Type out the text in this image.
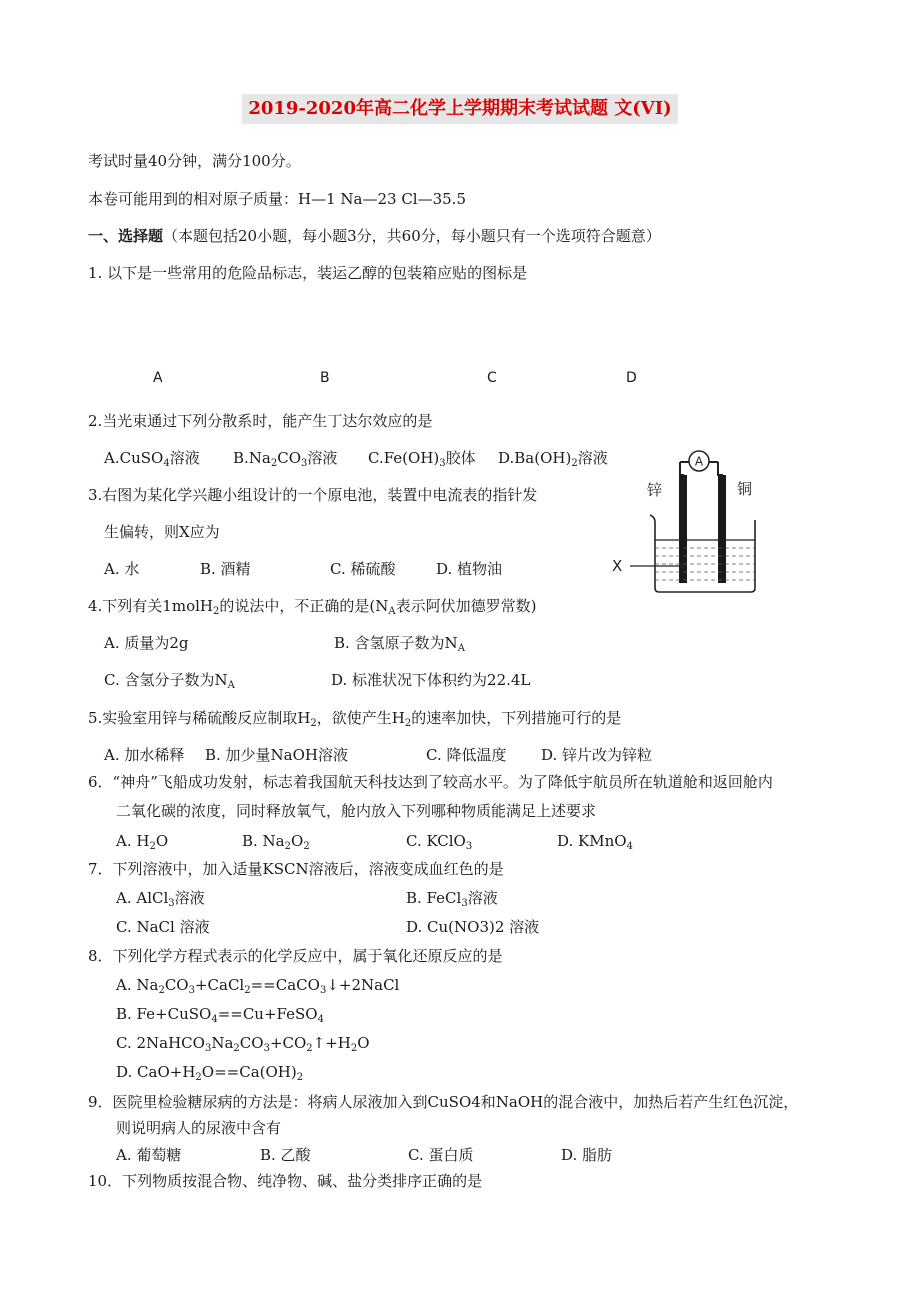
2019-2020年高二化学上学期期末考试试题 文(VI)
考试时量40分钟，满分100分。
本卷可能用到的相对原子质量：H—1 Na—23 Cl—35.5
一、选择题（本题包括20小题，每小题3分，共60分，每小题只有一个选项符合题意）
1. 以下是一些常用的危险品标志，装运乙醇的包装箱应贴的图标是
A	B	C	D
2.当光束通过下列分散系时，能产生丁达尔效应的是
A.CuSO$_4$溶液 $B.Na_2CO_3$溶液 $C.Fe(OH)_3$胶体 $D.Ba(OH)_2$溶液
3.右图为某化学兴趣小组设计的一个原电池，装置中电流表的指针发
生偏转，则X应为
A. 水	B. 酒精	C. 稀硫酸	D. 植物油
A
锌	铜
X
4.下列有关1molH$_2$的说法中，不正确的是($N_A$表示阿伏加德罗常数)
A. 质量为2g	B. 含氢原子数为$N_A$
C. 含氢分子数为$N_A$	D. 标准状况下体积约为22.4L
5.实验室用锌与稀硫酸反应制取$H_2$，欲使产生$H_2$的速率加快，下列措施可行的是
A. 加水稀释 B. 加少量NaOH溶液	C. 降低温度 D. 锌片改为锌粒
6．“神舟”飞船成功发射，标志着我国航天科技达到了较高水平。为了降低宇航员所在轨道舱和返回舱内
二氧化碳的浓度，同时释放氧气，舱内放入下列哪种物质能满足上述要求
A. $H_2O$	B. $Na_2O_2$	C. KClO$_3$	D. KMnO$_4$
7．下列溶液中，加入适量KSCN溶液后，溶液变成血红色的是
A. AlCl$_3$溶液	B. FeCl$_3$溶液
C. NaCl 溶液	D. Cu(NO3)2 溶液
8．下列化学方程式表示的化学反应中，属于氧化还原反应的是
A. $Na_2CO_3+CaCl_2==CaCO_3↓+2NaCl$
B. Fe+CuSO$_4$==Cu+FeSO$_4$
C. $2NaHCO_3Na_2CO_3+CO_2↑+H_2O$
D. $CaO+H_2O==Ca(OH)_2$
9．医院里检验糖尿病的方法是：将病人尿液加入到CuSO4和NaOH的混合液中，加热后若产生红色沉淀，
则说明病人的尿液中含有
A. 葡萄糖	B. 乙酸	C. 蛋白质	D. 脂肪
10．下列物质按混合物、纯净物、碱、盐分类排序正确的是
